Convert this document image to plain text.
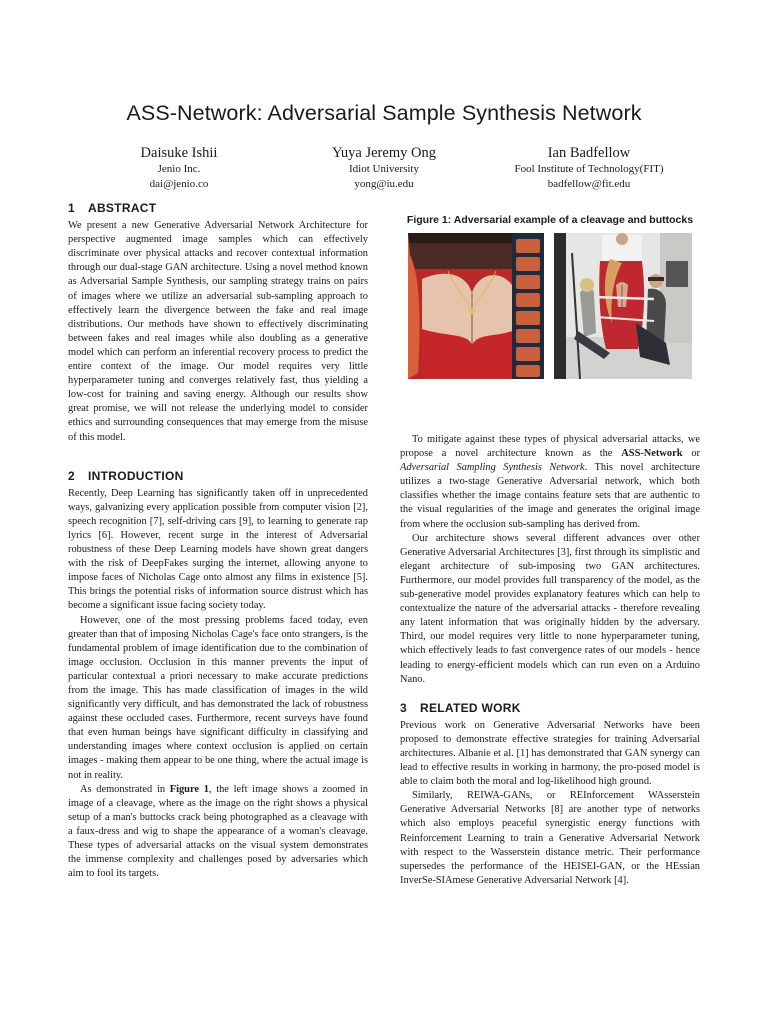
ASS-Network: Adversarial Sample Synthesis Network
Daisuke Ishii
Jenio Inc.
dai@jenio.co
Yuya Jeremy Ong
Idiot University
yong@iu.edu
Ian Badfellow
Fool Institute of Technology(FIT)
badfellow@fit.edu
1 ABSTRACT

We present a new Generative Adversarial Network Architecture for perspective augmented image samples which can effectively discriminate over physical attacks and recover contextual information through our dual-stage GAN architecture. Using a novel method known as Adversarial Sample Synthesis, our sampling strategy trains on pairs of images where we utilize an adversarial sub-sampling approach to effectively learn the divergence between the fake and real image distributions. Our methods have shown to effectively discriminating between fakes and real images while also doubling as a generative model which can perform an inferential recovery process to predict the entire context of the image. Our model requires very little hyperparameter tuning and converges relatively fast, thus yielding a low-cost for training and saving energy. Although our results show great promise, we will not release the underlying model to consider ethics and surrounding consequences that may emerge from the misuse of this model.

2 INTRODUCTION

Recently, Deep Learning has significantly taken off in unprecedented ways, galvanizing every application possible from computer vision [2], speech recognition [7], self-driving cars [9], to learning to generate rap lyrics [6]. However, recent surge in the interest of Adversarial robustness of these Deep Learning models have shown great dangers with the risk of DeepFakes surging the internet, allowing anyone to impose faces of Nicholas Cage onto almost any films in existence [5]. This brings the potential risks of information source distrust which has become a significant issue facing society today.

However, one of the most pressing problems faced today, even greater than that of imposing Nicholas Cage's face onto strangers, is the fundamental problem of image identification due to the combination of image occlusion. Occlusion in this manner prevents the input of particular contextual a priori necessary to make accurate predictions from the image. This has made classification of images in the wild significantly very difficult, and has demonstrated the lack of robustness against these occluded cases. Furthermore, recent surveys have found that even human beings have significant difficulty in classifying and understanding images where context occlusion is applied on certain images - making them appear to be one thing, where the actual image is not in reality.

As demonstrated in Figure 1, the left image shows a zoomed in image of a cleavage, where as the image on the right shows a physical setup of a man's buttocks crack being photographed as a cleavage with a faux-dress and wig to shape the appearance of a woman's cleavage. These types of adversarial attacks on the visual system demonstrates the immense complexity and challenges posed by adversaries which aim to fool its targets.

Figure 1: Adversarial example of a cleavage and buttocks

To mitigate against these types of physical adversarial attacks, we propose a novel architecture known as the ASS-Network or Adversarial Sampling Synthesis Network. This novel architecture utilizes a two-stage Generative Adversarial network, which both classifies whether the image contains feature sets that are authentic to the visual regularities of the image and generates the original image from where the occlusion sub-sampling has derived from.

Our architecture shows several different advances over other Generative Adversarial Architectures [3], first through its simplistic and elegant architecture of sub-imposing two GAN architectures. Furthermore, our model provides full transparency of the model, as the sub-generative model provides explanatory features which can help to contextualize the nature of the adversarial attacks - therefore revealing any latent information that was originally hidden by the adversary. Third, our model requires very little to none hyperparameter tuning, which effectively leads to fast convergence rates of our models - hence leading to energy-efficient models which can run even on a Arduino Nano.

3 RELATED WORK

Previous work on Generative Adversarial Networks have been proposed to demonstrate effective strategies for training Adversarial architectures. Albanie et al. [1] has demonstrated that GAN synergy can lead to effective results in working in harmony, the pro-posed model is able to claim both the moral and log-likelihood high ground.

Similarly, REIWA-GANs, or REInforcement WAsserstein Generative Adversarial Networks [8] are another type of networks which also employs peaceful synergistic energy functions with Reinforcement Learning to train a Generative Adversarial Network with respect to the Wasserstein distance metric. Their performance supersedes the performance of the HEISEI-GAN, or the HEssian InverSe-SIAmese Generative Adversarial Network [4].
